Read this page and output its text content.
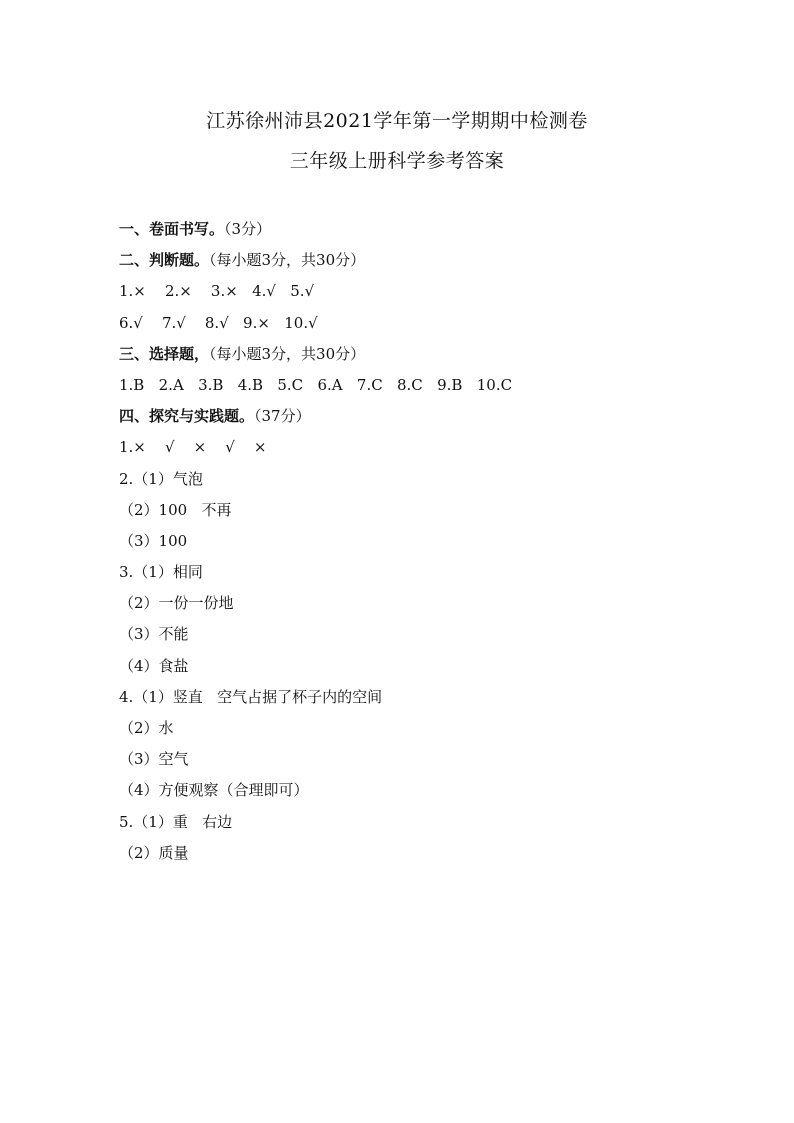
江苏徐州沛县2021学年第一学期期中检测卷
三年级上册科学参考答案
一、卷面书写。（3分）
二、判断题。（每小题3分，共30分）
1.×    2.×    3.×   4.√   5.√
6.√    7.√    8.√   9.×   10.√
三、选择题，（每小题3分，共30分）
1.B   2.A   3.B   4.B   5.C   6.A   7.C   8.C   9.B   10.C
四、探究与实践题。（37分）
1.×    √    ×    √    ×
2.（1）气泡
（2）100   不再
（3）100
3.（1）相同
（2）一份一份地
（3）不能
（4）食盐
4.（1）竖直   空气占据了杯子内的空间
（2）水
（3）空气
（4）方便观察（合理即可）
5.（1）重   右边
（2）质量
